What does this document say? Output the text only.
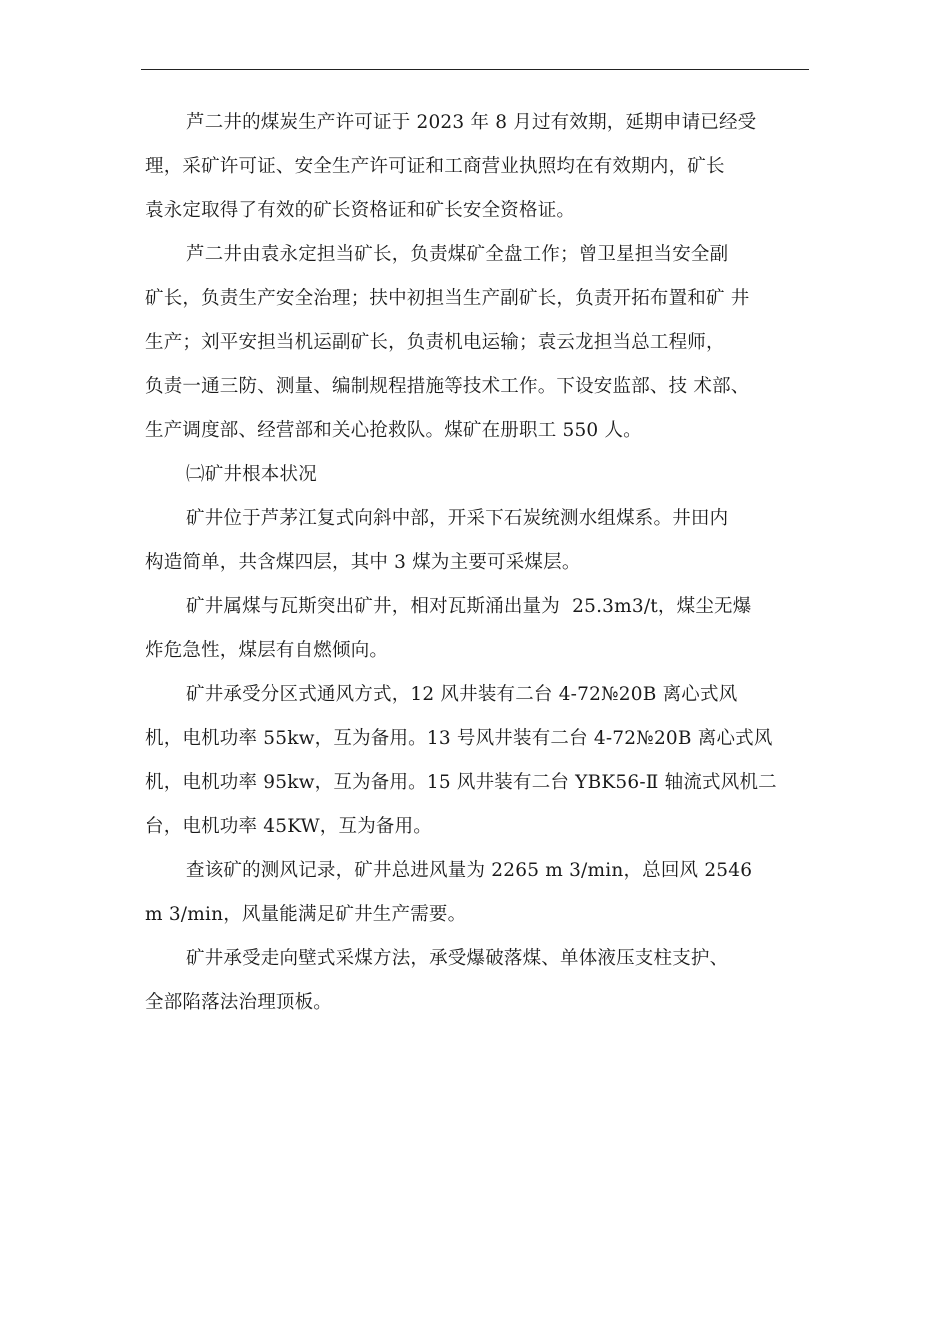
芦二井的煤炭生产许可证于 2023 年 8 月过有效期，延期申请已经受
理，采矿许可证、安全生产许可证和工商营业执照均在有效期内，矿长
袁永定取得了有效的矿长资格证和矿长安全资格证。
芦二井由袁永定担当矿长，负责煤矿全盘工作；曾卫星担当安全副
矿长，负责生产安全治理；扶中初担当生产副矿长，负责开拓布置和矿 井
生产；刘平安担当机运副矿长，负责机电运输；袁云龙担当总工程师，
负责一通三防、测量、编制规程措施等技术工作。下设安监部、技 术部、
生产调度部、经营部和关心抢救队。煤矿在册职工 550 人。
㈡矿井根本状况
矿井位于芦茅江复式向斜中部，开采下石炭统测水组煤系。井田内
构造简单，共含煤四层，其中 3 煤为主要可采煤层。
矿井属煤与瓦斯突出矿井，相对瓦斯涌出量为  25.3m3/t，煤尘无爆
炸危急性，煤层有自燃倾向。
矿井承受分区式通风方式，12 风井装有二台 4-72№20B 离心式风
机，电机功率 55kw，互为备用。13 号风井装有二台 4-72№20B 离心式风
机，电机功率 95kw，互为备用。15 风井装有二台 YBK56-Ⅱ 轴流式风机二
台，电机功率 45KW，互为备用。
查该矿的测风记录，矿井总进风量为 2265 m 3/min，总回风 2546
m 3/min，风量能满足矿井生产需要。
矿井承受走向壁式采煤方法，承受爆破落煤、单体液压支柱支护、
全部陷落法治理顶板。
